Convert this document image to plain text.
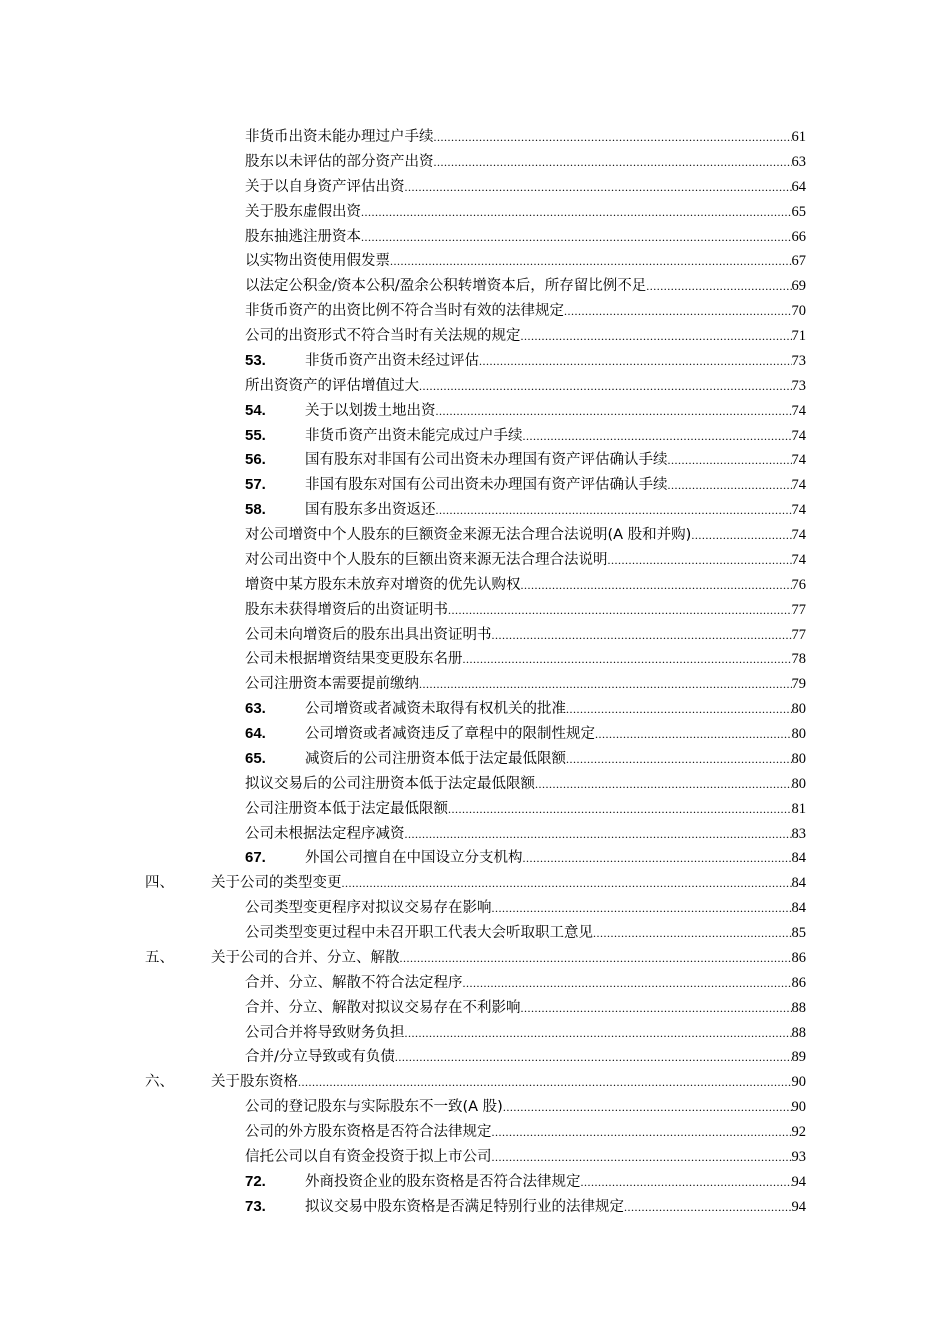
非货币出资未能办理过户手续 .....	61
股东以未评估的部分资产出资 .....	63
关于以自身资产评估出资 .....	64
关于股东虚假出资 .....	65
股东抽逃注册资本 .....	66
以实物出资使用假发票 .....	67
以法定公积金/资本公积/盈余公积转增资本后，所存留比例不足 .....	69
非货币资产的出资比例不符合当时有效的法律规定 .....	70
公司的出资形式不符合当时有关法规的规定 .....	71
53.	非货币资产出资未经过评估 .....	73
所出资资产的评估增值过大 .....	73
54.	关于以划拨土地出资 .....	74
55.	非货币资产出资未能完成过户手续 .....	74
56.	国有股东对非国有公司出资未办理国有资产评估确认手续 .....	74
57.	非国有股东对国有公司出资未办理国有资产评估确认手续 .....	74
58.	国有股东多出资返还 .....	74
对公司增资中个人股东的巨额资金来源无法合理合法说明(A 股和并购) .....	74
对公司出资中个人股东的巨额出资来源无法合理合法说明 .....	74
增资中某方股东未放弃对增资的优先认购权 .....	76
股东未获得增资后的出资证明书 .....	77
公司未向增资后的股东出具出资证明书 .....	77
公司未根据增资结果变更股东名册 .....	78
公司注册资本需要提前缴纳 .....	79
63.	公司增资或者减资未取得有权机关的批准 .....	80
64.	公司增资或者减资违反了章程中的限制性规定 .....	80
65.	减资后的公司注册资本低于法定最低限额 .....	80
拟议交易后的公司注册资本低于法定最低限额 .....	80
公司注册资本低于法定最低限额 .....	81
公司未根据法定程序减资 .....	83
67.	外国公司擅自在中国设立分支机构 .....	84
四、	关于公司的类型变更 .....	84
公司类型变更程序对拟议交易存在影响 .....	84
公司类型变更过程中未召开职工代表大会听取职工意见 .....	85
五、	关于公司的合并、分立、解散 .....	86
合并、分立、解散不符合法定程序 .....	86
合并、分立、解散对拟议交易存在不利影响 .....	88
公司合并将导致财务负担 .....	88
合并/分立导致或有负债 .....	89
六、	关于股东资格 .....	90
公司的登记股东与实际股东不一致(A 股) .....	90
公司的外方股东资格是否符合法律规定 .....	92
信托公司以自有资金投资于拟上市公司 .....	93
72.	外商投资企业的股东资格是否符合法律规定 .....	94
73.	拟议交易中股东资格是否满足特别行业的法律规定 .....	94
